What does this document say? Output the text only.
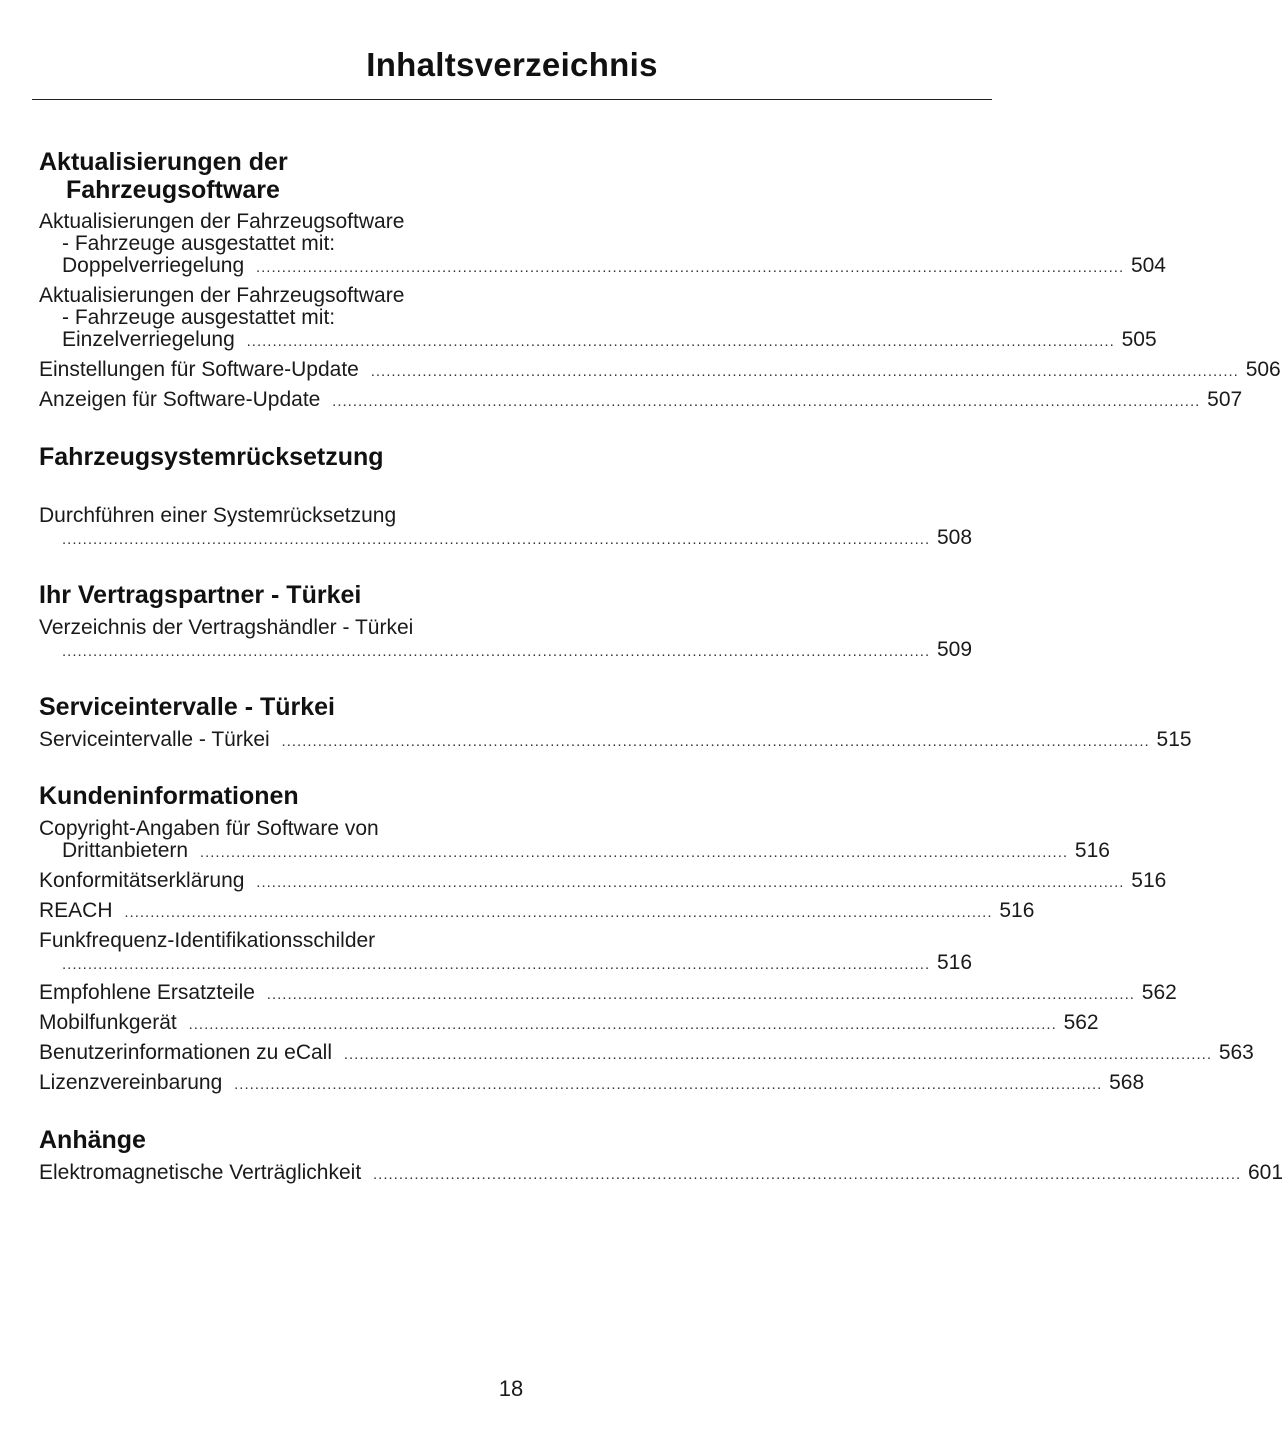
Inhaltsverzeichnis
Aktualisierungen der
Fahrzeugsoftware
Aktualisierungen der Fahrzeugsoftware
- Fahrzeuge ausgestattet mit:
Doppelverriegelung .....	504
Aktualisierungen der Fahrzeugsoftware
- Fahrzeuge ausgestattet mit:
Einzelverriegelung .....	505
Einstellungen für Software-Update .....	506
Anzeigen für Software-Update .....	507
Fahrzeugsystemrücksetzung
Durchführen einer Systemrücksetzung
..... 508
Ihr Vertragspartner - Türkei
Verzeichnis der Vertragshändler - Türkei
..... 509
Serviceintervalle - Türkei
Serviceintervalle - Türkei .....	515
Kundeninformationen
Copyright-Angaben für Software von
Drittanbietern .....	516
Konformitätserklärung .....	516
REACH .....	516
Funkfrequenz-Identifikationsschilder
..... 516
Empfohlene Ersatzteile .....	562
Mobilfunkgerät .....	562
Benutzerinformationen zu eCall .....	563
Lizenzvereinbarung .....	568
Anhänge
Elektromagnetische Verträglichkeit .....	601
18
